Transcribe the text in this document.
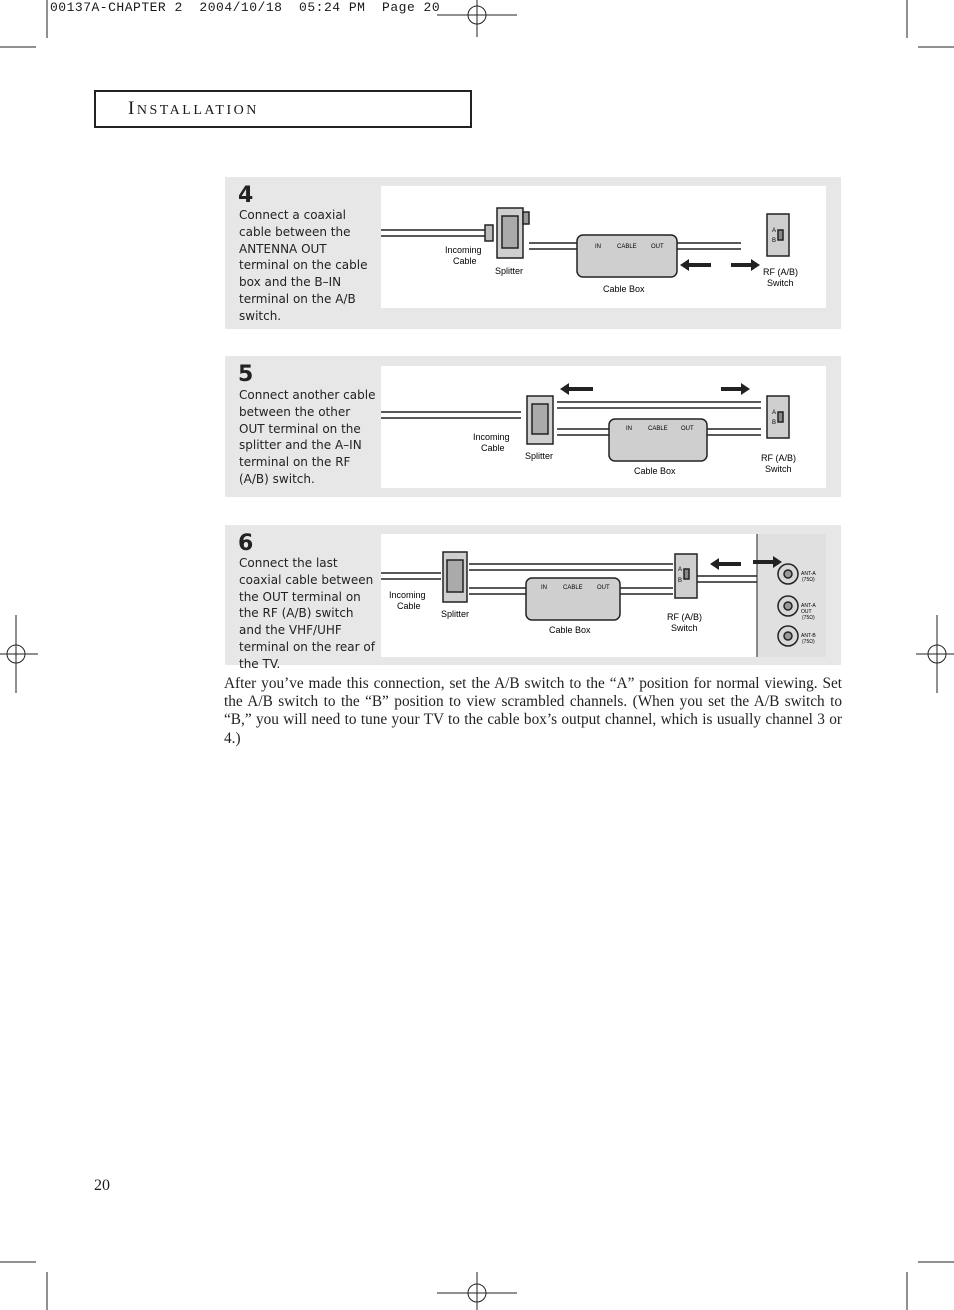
00137A-CHAPTER 2  2004/10/18  05:24 PM  Page 20
INSTALLATION
4
Connect a coaxial cable between the ANTENNA OUT terminal on the cable box and the B–IN terminal on the A/B switch.
Incoming
Cable
Splitter
Cable Box
IN	CABLE OUT
RF (A/B)
Switch
A
B
5
Connect another cable between the other OUT terminal on the splitter and the A–IN terminal on the RF (A/B) switch.
Incoming
Cable
Splitter
Cable Box
IN	CABLE OUT
RF (A/B)
Switch
A
B
6
Connect the last coaxial cable between the OUT terminal on the RF (A/B) switch and the VHF/UHF terminal on the rear of the TV.
Incoming
Cable
Splitter
Cable Box
IN	CABLE OUT
RF (A/B)
Switch
A
B
ANT-A
(75Ω)
ANT-A
OUT
(75Ω)
ANT-B
(75Ω)
After you’ve made this connection, set the A/B switch to the “A” position for normal viewing. Set the A/B switch to the “B” position to view scrambled channels. (When you set the A/B switch to “B,” you will need to tune your TV to the cable box’s output channel, which is usually channel 3 or 4.)
20
